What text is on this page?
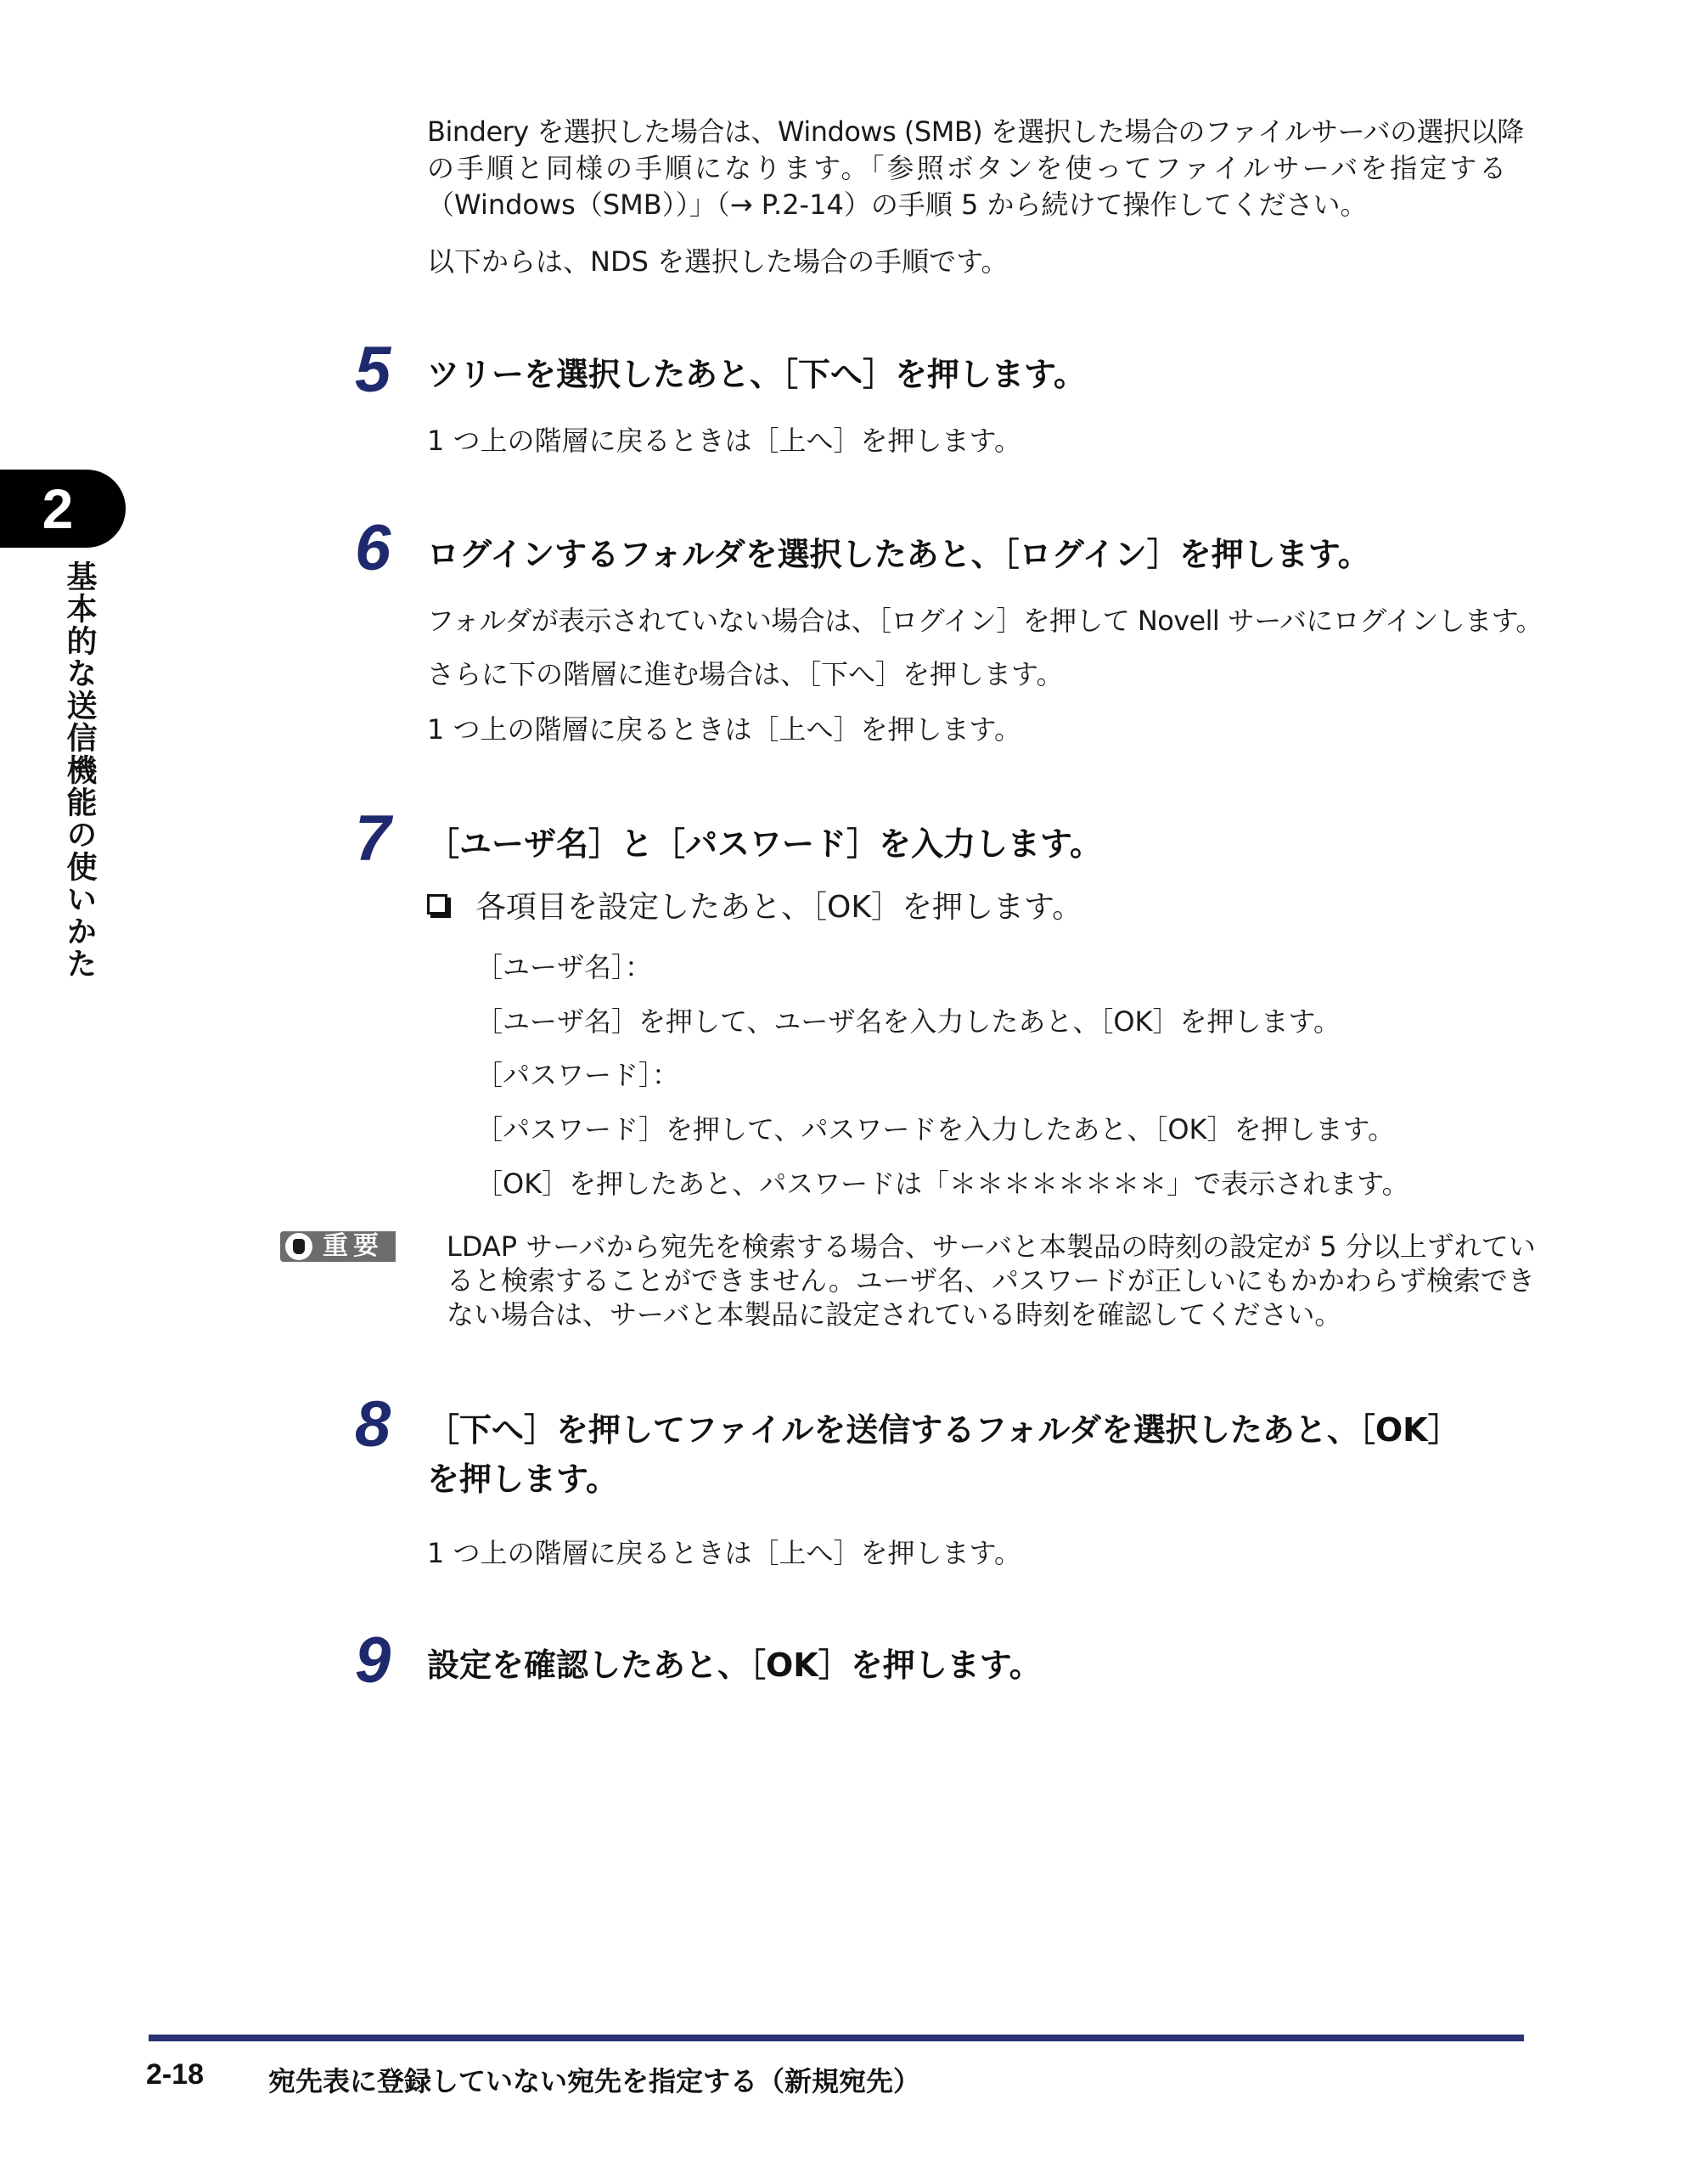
2
基本的な送信機能の使いかた

Bindery を選択した場合は、Windows (SMB) を選択した場合のファイルサーバの選択以降

の手順と同様の手順になります。「参照ボタンを使ってファイルサーバを指定する

（Windows（SMB））」（→ P.2-14）の手順 5 から続けて操作してください。

以下からは、NDS を選択した場合の手順です。

5	ツリーを選択したあと、［下へ］を押します。

1 つ上の階層に戻るときは［上へ］を押します。

6	ログインするフォルダを選択したあと、［ログイン］を押します。

フォルダが表示されていない場合は、［ログイン］を押して Novell サーバにログインします。

さらに下の階層に進む場合は、［下へ］を押します。

1 つ上の階層に戻るときは［上へ］を押します。

7	［ユーザ名］と［パスワード］を入力します。

各項目を設定したあと、［OK］を押します。

［ユーザ名］：

［ユーザ名］を押して、ユーザ名を入力したあと、［OK］を押します。

［パスワード］：

［パスワード］を押して、パスワードを入力したあと、［OK］を押します。

［OK］を押したあと、パスワードは「＊＊＊＊＊＊＊＊」で表示されます。

重要 LDAP サーバから宛先を検索する場合、サーバと本製品の時刻の設定が 5 分以上ずれてい

ると検索することができません。ユーザ名、パスワードが正しいにもかかわらず検索でき

ない場合は、サーバと本製品に設定されている時刻を確認してください。

8	［下へ］を押してファイルを送信するフォルダを選択したあと、［OK］

を押します。

1 つ上の階層に戻るときは［上へ］を押します。

9	設定を確認したあと、［OK］を押します。

2-18 宛先表に登録していない宛先を指定する（新規宛先）
